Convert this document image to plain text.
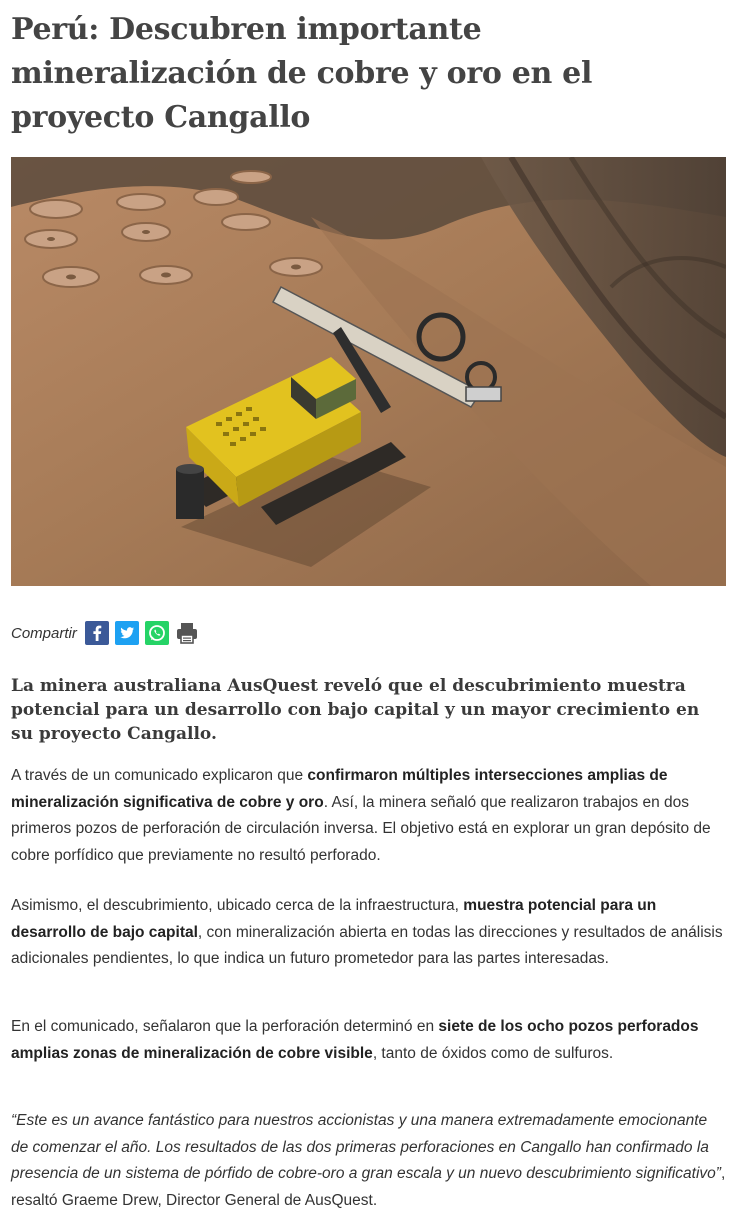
Perú: Descubren importante mineralización de cobre y oro en el proyecto Cangallo
Compartir

La minera australiana AusQuest reveló que el descubrimiento muestra potencial para un desarrollo con bajo capital y un mayor crecimiento en su proyecto Cangallo.

A través de un comunicado explicaron que confirmaron múltiples intersecciones amplias de mineralización significativa de cobre y oro. Así, la minera señaló que realizaron trabajos en dos primeros pozos de perforación de circulación inversa. El objetivo está en explorar un gran depósito de cobre porfídico que previamente no resultó perforado.

Asimismo, el descubrimiento, ubicado cerca de la infraestructura, muestra potencial para un desarrollo de bajo capital, con mineralización abierta en todas las direcciones y resultados de análisis adicionales pendientes, lo que indica un futuro prometedor para las partes interesadas.

En el comunicado, señalaron que la perforación determinó en siete de los ocho pozos perforados amplias zonas de mineralización de cobre visible, tanto de óxidos como de sulfuros.

“Este es un avance fantástico para nuestros accionistas y una manera extremadamente emocionante de comenzar el año. Los resultados de las dos primeras perforaciones en Cangallo han confirmado la presencia de un sistema de pórfido de cobre-oro a gran escala y un nuevo descubrimiento significativo”, resaltó Graeme Drew, Director General de AusQuest.
